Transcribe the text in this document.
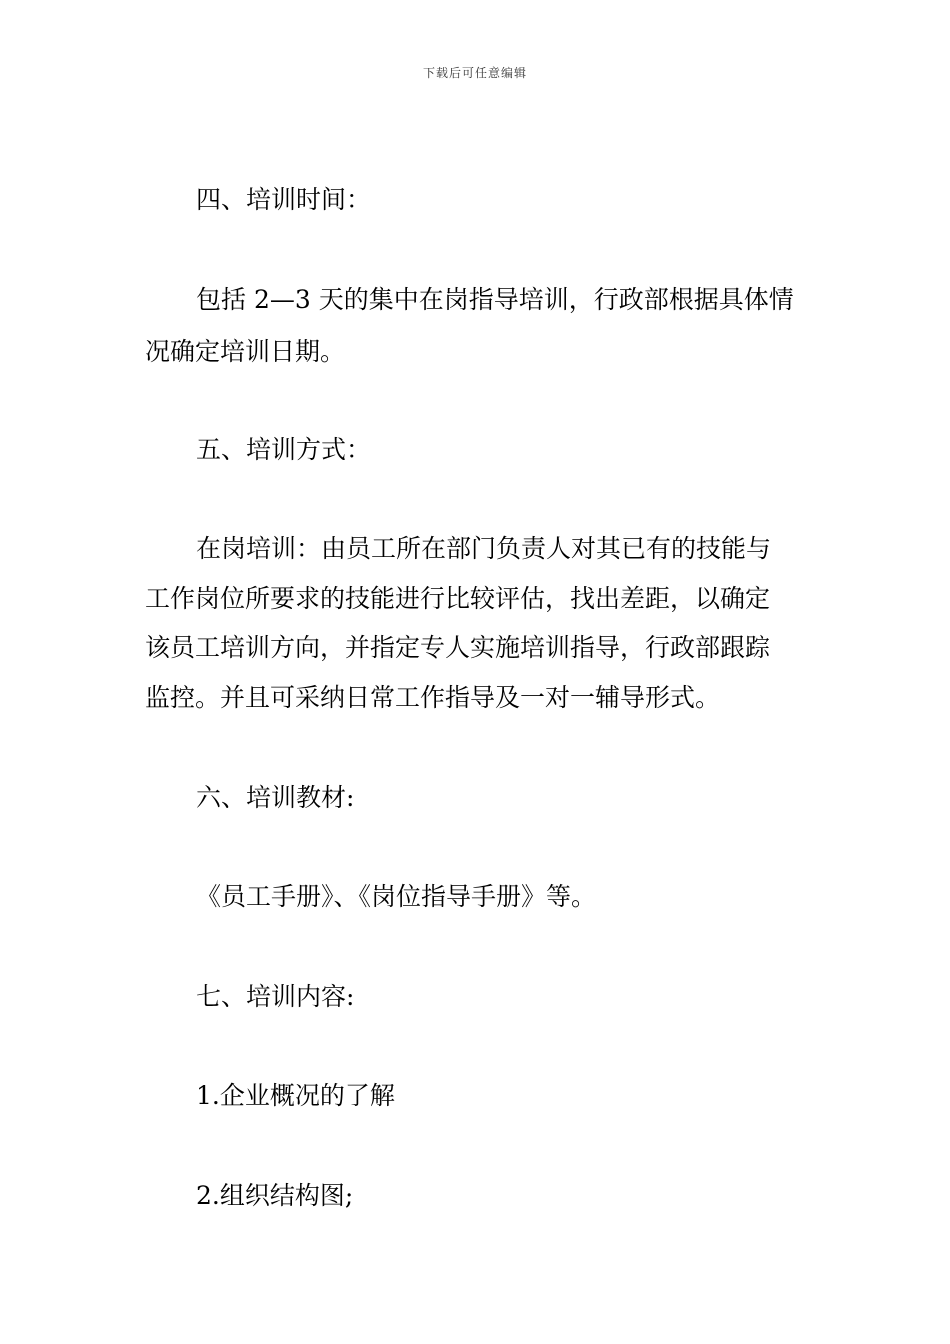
下载后可任意编辑
四、培训时间：
包括 2—3 天的集中在岗指导培训，行政部根据具体情
况确定培训日期。
五、培训方式：
在岗培训：由员工所在部门负责人对其已有的技能与
工作岗位所要求的技能进行比较评估，找出差距，以确定
该员工培训方向，并指定专人实施培训指导，行政部跟踪
监控。并且可采纳日常工作指导及一对一辅导形式。
六、培训教材:
《员工手册》、《岗位指导手册》等。
七、培训内容:
1.企业概况的了解
2.组织结构图;
